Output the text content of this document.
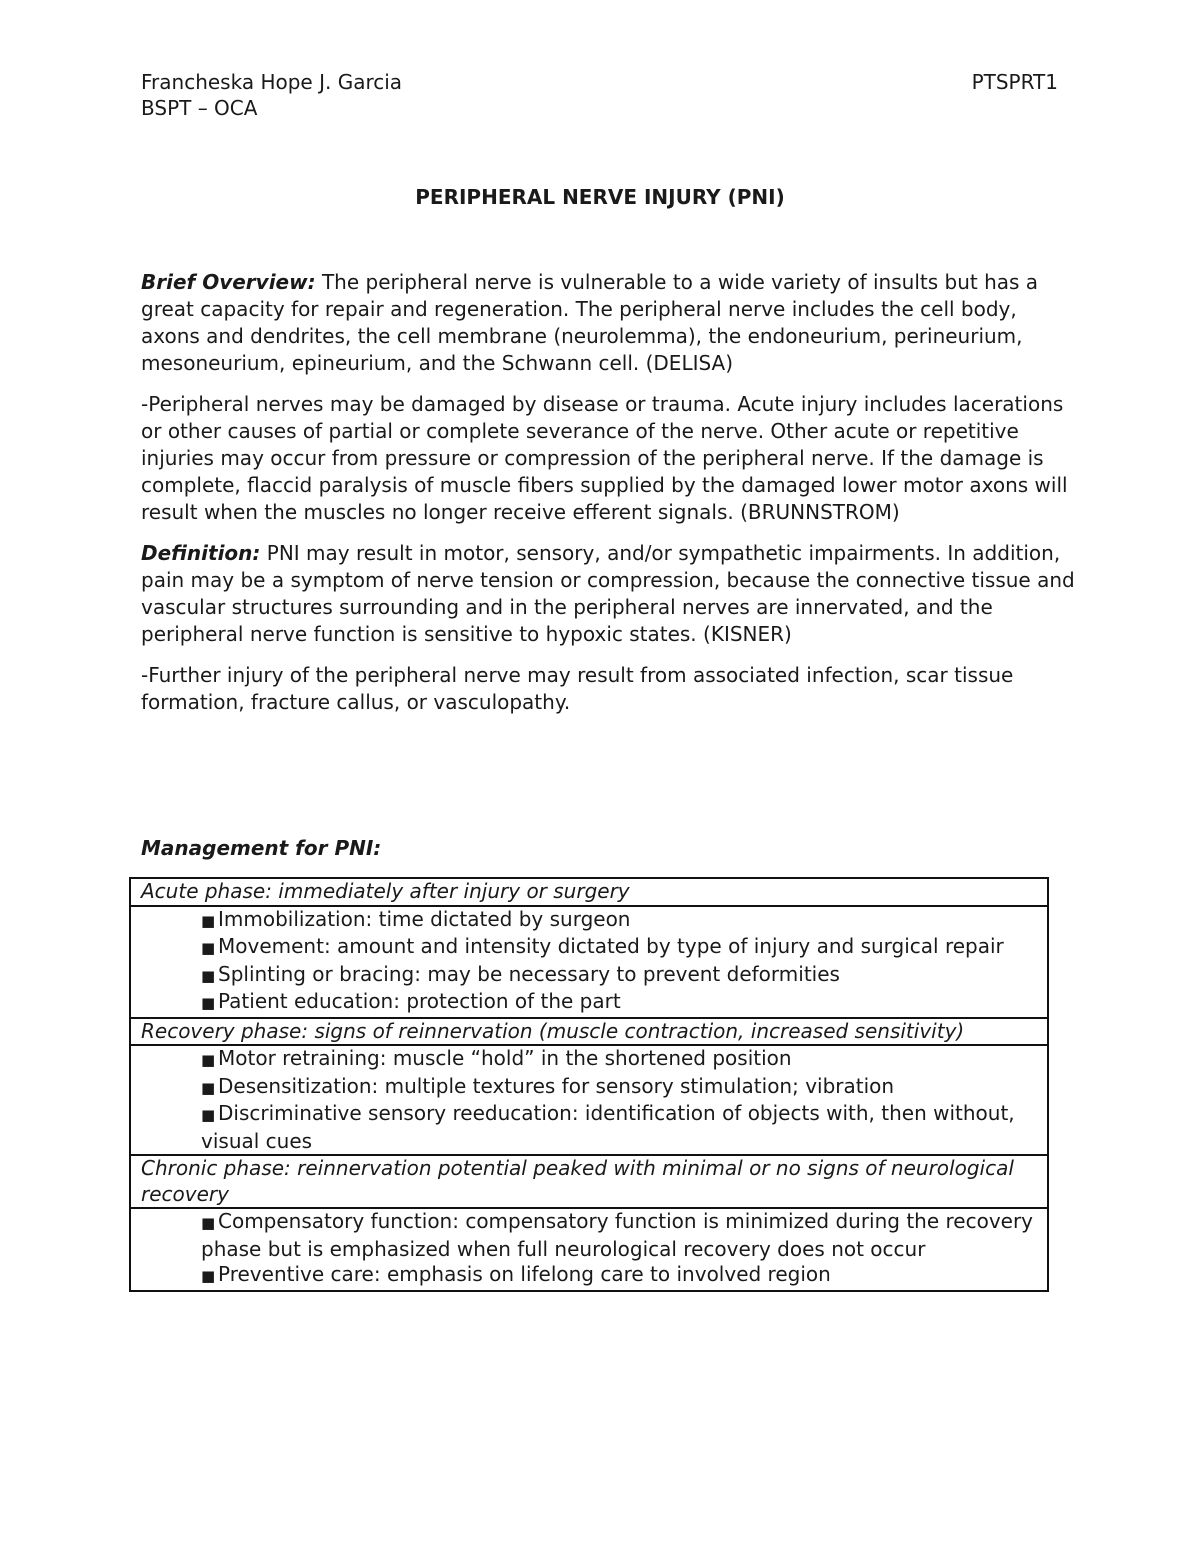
Francheska Hope J. Garcia
BSPT – OCA
PTSPRT1
PERIPHERAL NERVE INJURY (PNI)

Brief Overview: The peripheral nerve is vulnerable to a wide variety of insults but has a great capacity for repair and regeneration. The peripheral nerve includes the cell body, axons and dendrites, the cell membrane (neurolemma), the endoneurium, perineurium, mesoneurium, epineurium, and the Schwann cell. (DELISA)

-Peripheral nerves may be damaged by disease or trauma. Acute injury includes lacerations or other causes of partial or complete severance of the nerve. Other acute or repetitive injuries may occur from pressure or compression of the peripheral nerve. If the damage is complete, flaccid paralysis of muscle fibers supplied by the damaged lower motor axons will result when the muscles no longer receive efferent signals. (BRUNNSTROM)

Definition: PNI may result in motor, sensory, and/or sympathetic impairments. In addition, pain may be a symptom of nerve tension or compression, because the connective tissue and vascular structures surrounding and in the peripheral nerves are innervated, and the peripheral nerve function is sensitive to hypoxic states. (KISNER)

-Further injury of the peripheral nerve may result from associated infection, scar tissue formation, fracture callus, or vasculopathy.

Management for PNI:
Acute phase: immediately after injury or surgery
■ Immobilization: time dictated by surgeon
■ Movement: amount and intensity dictated by type of injury and surgical repair
■ Splinting or bracing: may be necessary to prevent deformities
■ Patient education: protection of the part
Recovery phase: signs of reinnervation (muscle contraction, increased sensitivity)
■ Motor retraining: muscle “hold” in the shortened position
■ Desensitization: multiple textures for sensory stimulation; vibration
■ Discriminative sensory reeducation: identification of objects with, then without, visual cues
Chronic phase: reinnervation potential peaked with minimal or no signs of neurological recovery
■ Compensatory function: compensatory function is minimized during the recovery phase but is emphasized when full neurological recovery does not occur
■ Preventive care: emphasis on lifelong care to involved region
